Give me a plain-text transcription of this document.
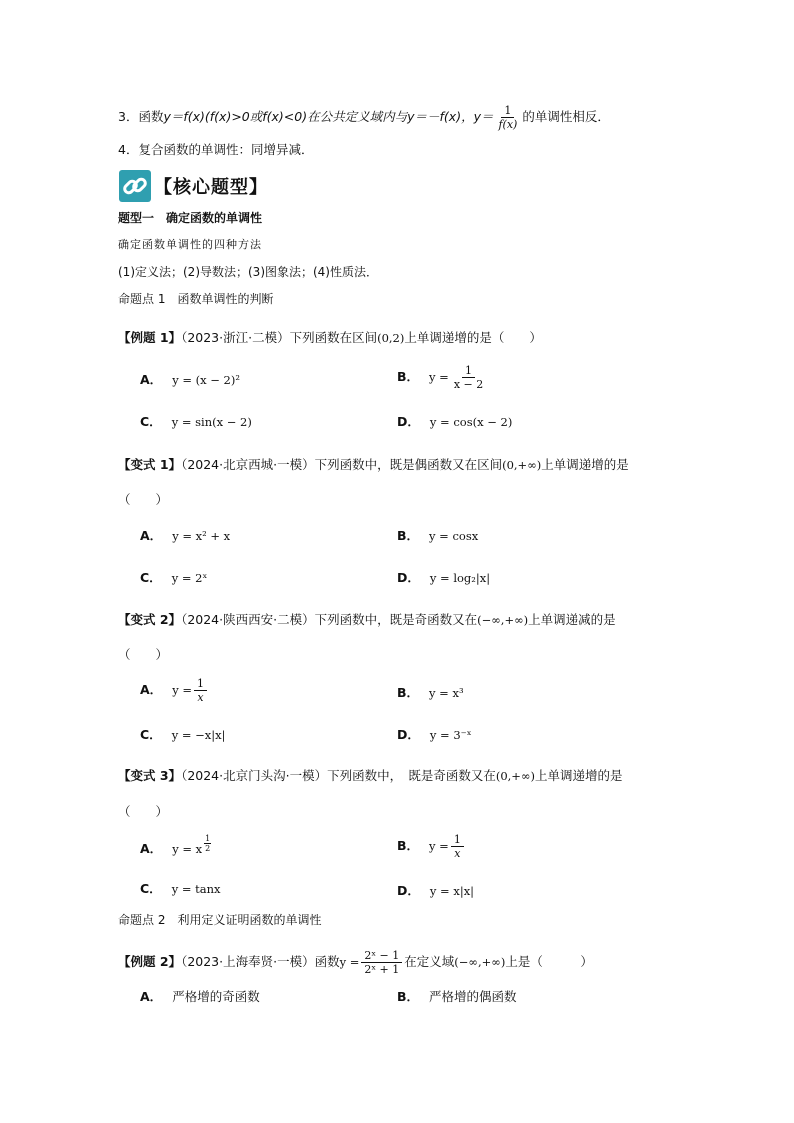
3．函数y＝f(x)(f(x)>0或f(x)<0)在公共定义域内与y＝－f(x)，$y= \frac{1}{f(x)}$ 的单调性相反．
4．复合函数的单调性：同增异减．
【核心题型】
题型一　确定函数的单调性
确定函数单调性的四种方法
(1)定义法；(2)导数法；(3)图象法；(4)性质法．
命题点 1　函数单调性的判断
【例题 1】（2023·浙江·二模）下列函数在区间(0,2)上单调递增的是（　　）
A． y = (x − 2)²	B． $y = \frac{1}{x - 2}$
C． y = sin(x − 2)	D． y = cos(x − 2)
【变式 1】（2024·北京西城·一模）下列函数中，既是偶函数又在区间(0,+∞)上单调递增的是
（　　）
A． y = x² + x	B． y = cosx
C． y = 2ˣ	D． y = log₂|x|
【变式 2】（2024·陕西西安·二模）下列函数中，既是奇函数又在(−∞,+∞)上单调递减的是
（　　）
A． $y = \frac{1}{x}$	B． y = x³
C． y = −x|x|	D． y = 3⁻ˣ
【变式 3】（2024·北京门头沟·一模）下列函数中，　既是奇函数又在(0,+∞)上单调递增的是
（　　）
A． y = x $\frac{1}{2}$	B． $y = \frac{1}{x}$
C． y = tanx	D． y = x|x|
命题点 2　利用定义证明函数的单调性
【例题 2】（2023·上海奉贤·一模）函数$y = \frac{\text{2ˣ − 1}}{\text{2ˣ + 1}}$ 在定义域(−∞,+∞)上是（　　　）
A． 严格增的奇函数	B． 严格增的偶函数
